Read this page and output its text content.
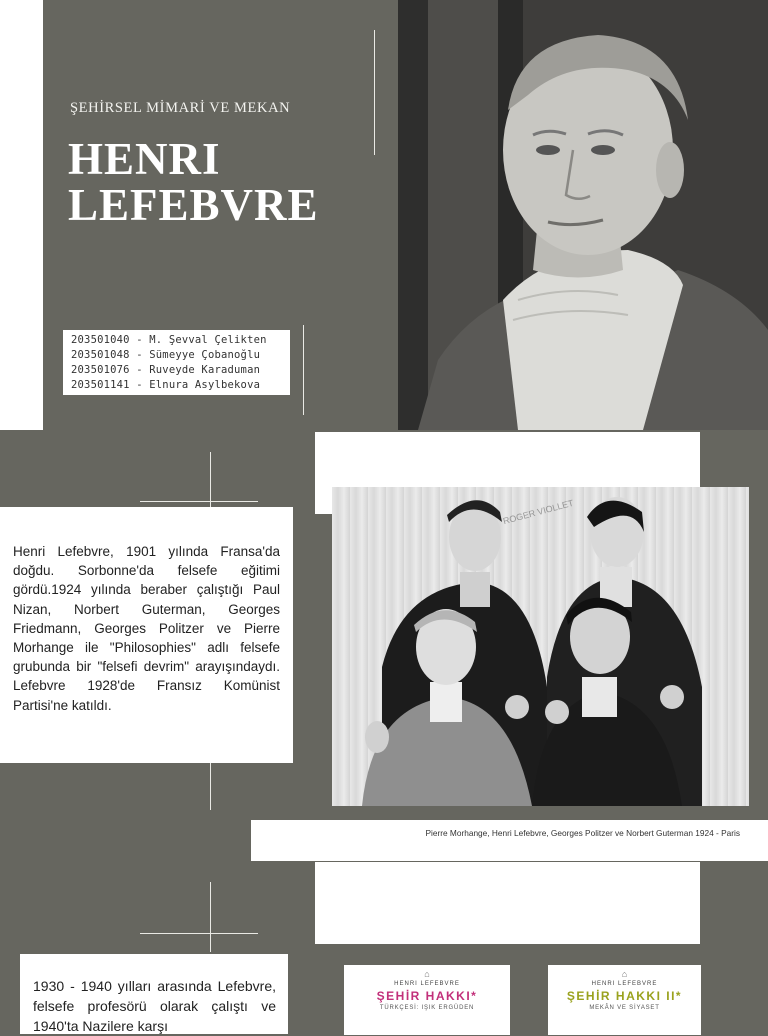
ŞEHİRSEL MİMARİ VE MEKAN
HENRI
LEFEBVRE
203501040 - M. Şevval Çelikten
203501048 - Sümeyye Çobanoğlu
203501076 - Ruveyde Karaduman
203501141 - Elnura Asylbekova
Henri Lefebvre, 1901 yılında Fransa'da doğdu. Sorbonne'da felsefe eğitimi gördü.1924 yılında beraber çalıştığı Paul Nizan, Norbert Guterman, Georges Friedmann, Georges Politzer ve Pierre Morhange ile "Philosophies" adlı felsefe grubunda bir "felsefi devrim" arayışındaydı. Lefebvre 1928'de Fransız Komünist Partisi'ne katıldı.
ROGER VIOLLET
Pierre Morhange, Henri Lefebvre, Georges Politzer ve Norbert Guterman 1924 - Paris
1930 - 1940 yılları arasında Lefebvre, felsefe profesörü olarak çalıştı ve 1940'ta Nazilere karşı
⌂
HENRI LEFEBVRE
ŞEHİR HAKKI*
TÜRKÇESİ: IŞIK ERGÜDEN
⌂
HENRI LEFEBVRE
ŞEHİR HAKKI II*
MEKÂN VE SİYASET
